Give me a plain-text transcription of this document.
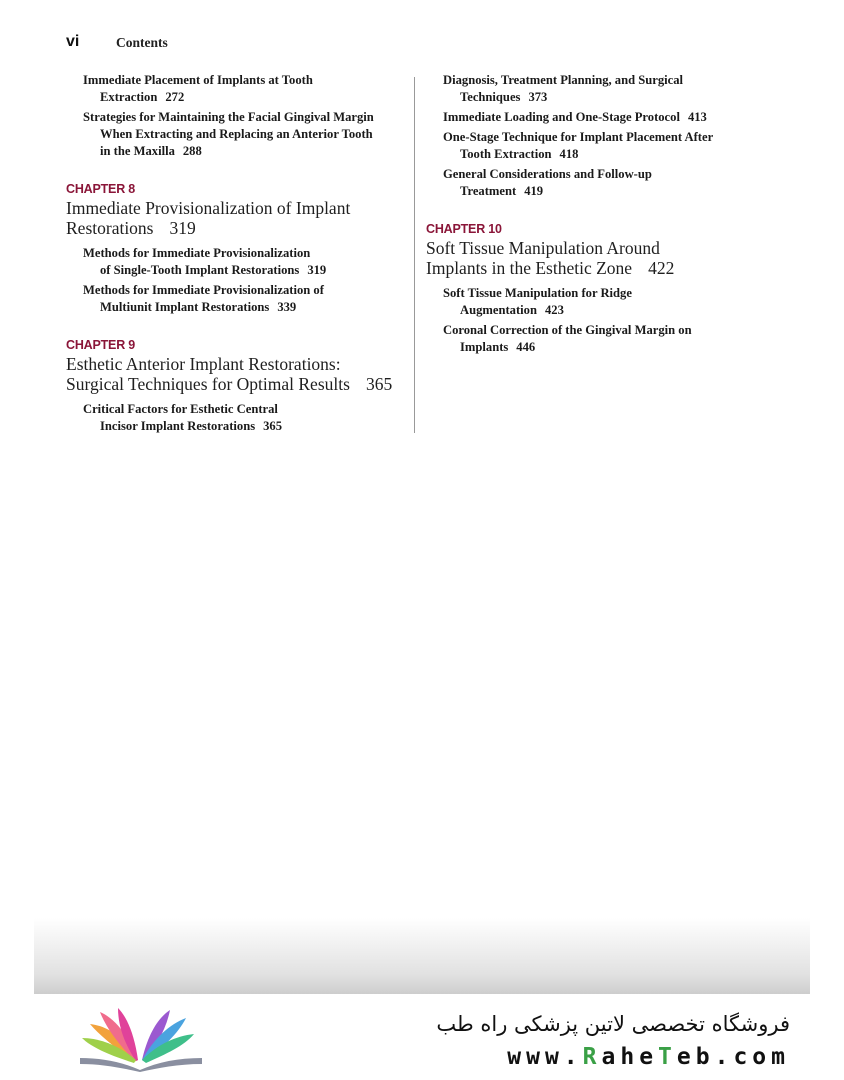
vi	Contents
Immediate Placement of Implants at Tooth
Extraction 272
Strategies for Maintaining the Facial Gingival Margin
When Extracting and Replacing an Anterior Tooth
in the Maxilla 288
CHAPTER 8
Immediate Provisionalization of Implant
Restorations 319
Methods for Immediate Provisionalization
of Single-Tooth Implant Restorations 319
Methods for Immediate Provisionalization of
Multiunit Implant Restorations 339
CHAPTER 9
Esthetic Anterior Implant Restorations:
Surgical Techniques for Optimal Results 365
Critical Factors for Esthetic Central
Incisor Implant Restorations 365
Diagnosis, Treatment Planning, and Surgical
Techniques 373
Immediate Loading and One-Stage Protocol 413
One-Stage Technique for Implant Placement After
Tooth Extraction 418
General Considerations and Follow-up
Treatment 419
CHAPTER 10
Soft Tissue Manipulation Around
Implants in the Esthetic Zone 422
Soft Tissue Manipulation for Ridge
Augmentation 423
Coronal Correction of the Gingival Margin on
Implants 446
فروشگاه تخصصی لاتین پزشکی راه طب
www.RaheTeb.com
